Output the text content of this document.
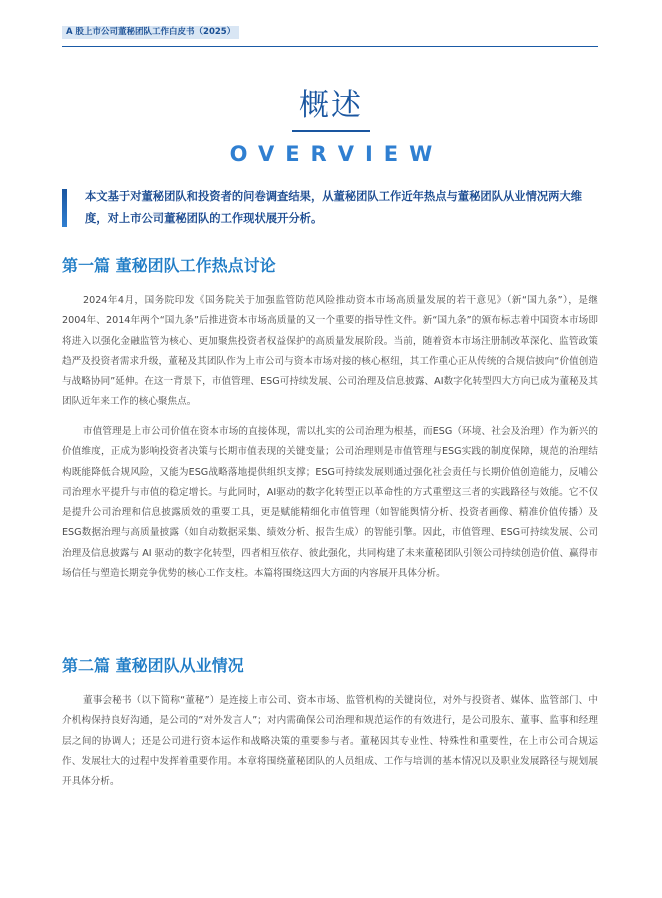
A 股上市公司董秘团队工作白皮书（2025）
概述
OVERVIEW
本文基于对董秘团队和投资者的问卷调查结果，从董秘团队工作近年热点与董秘团队从业情况两大维度，对上市公司董秘团队的工作现状展开分析。
第一篇 董秘团队工作热点讨论
2024年4月，国务院印发《国务院关于加强监管防范风险推动资本市场高质量发展的若干意见》（新“国九条”），是继2004年、2014年两个“国九条”后推进资本市场高质量的又一个重要的指导性文件。新“国九条”的颁布标志着中国资本市场即将进入以强化金融监管为核心、更加聚焦投资者权益保护的高质量发展阶段。当前，随着资本市场注册制改革深化、监管政策趋严及投资者需求升级，董秘及其团队作为上市公司与资本市场对接的核心枢纽，其工作重心正从传统的合规信披向“价值创造与战略协同”延伸。在这一背景下，市值管理、ESG可持续发展、公司治理及信息披露、AI数字化转型四大方向已成为董秘及其团队近年来工作的核心聚焦点。
市值管理是上市公司价值在资本市场的直接体现，需以扎实的公司治理为根基，而ESG（环境、社会及治理）作为新兴的价值维度，正成为影响投资者决策与长期市值表现的关键变量；公司治理则是市值管理与ESG实践的制度保障，规范的治理结构既能降低合规风险，又能为ESG战略落地提供组织支撑；ESG可持续发展则通过强化社会责任与长期价值创造能力，反哺公司治理水平提升与市值的稳定增长。与此同时，AI驱动的数字化转型正以革命性的方式重塑这三者的实践路径与效能。它不仅是提升公司治理和信息披露质效的重要工具，更是赋能精细化市值管理（如智能舆情分析、投资者画像、精准价值传播）及ESG数据治理与高质量披露（如自动数据采集、绩效分析、报告生成）的智能引擎。因此，市值管理、ESG可持续发展、公司治理及信息披露与 AI 驱动的数字化转型，四者相互依存、彼此强化，共同构建了未来董秘团队引领公司持续创造价值、赢得市场信任与塑造长期竞争优势的核心工作支柱。本篇将围绕这四大方面的内容展开具体分析。
第二篇 董秘团队从业情况
董事会秘书（以下简称“董秘”）是连接上市公司、资本市场、监管机构的关键岗位，对外与投资者、媒体、监管部门、中介机构保持良好沟通，是公司的“对外发言人”；对内需确保公司治理和规范运作的有效进行，是公司股东、董事、监事和经理层之间的协调人；还是公司进行资本运作和战略决策的重要参与者。董秘因其专业性、特殊性和重要性，在上市公司合规运作、发展壮大的过程中发挥着重要作用。本章将围绕董秘团队的人员组成、工作与培训的基本情况以及职业发展路径与规划展开具体分析。
